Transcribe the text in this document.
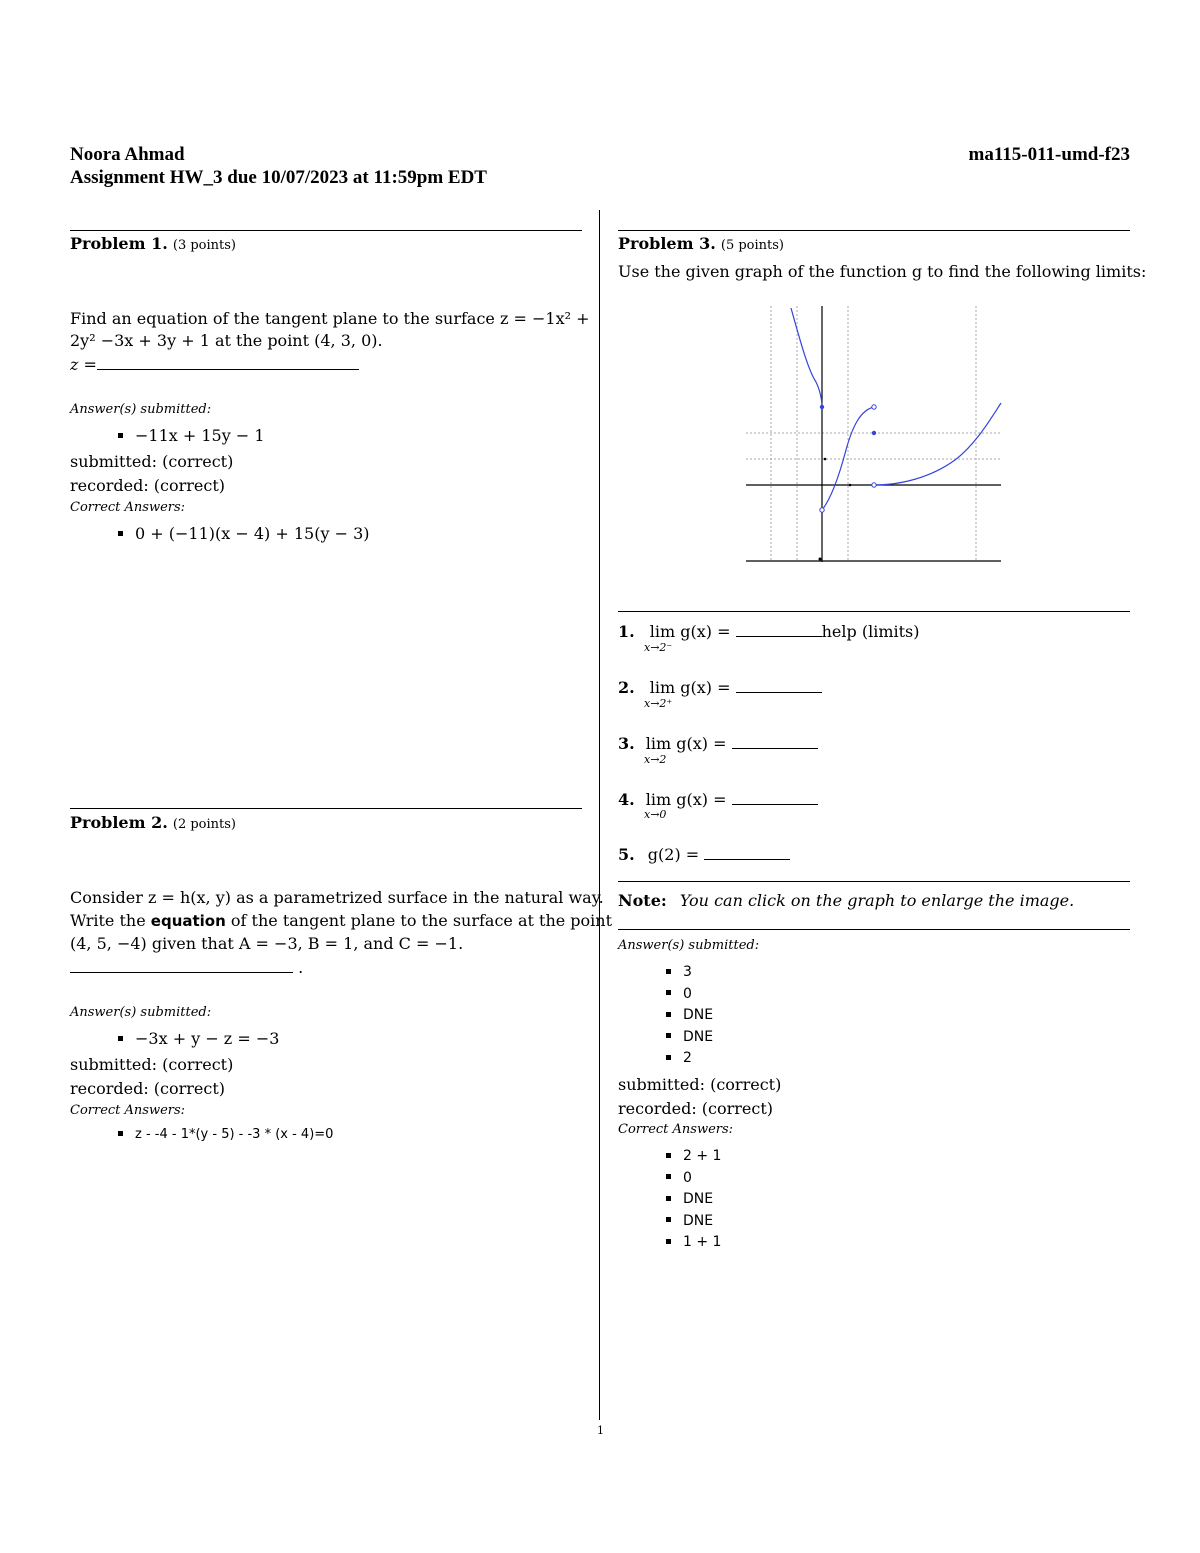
Noora Ahmad	ma115-011-umd-f23
Assignment HW_3 due 10/07/2023 at 11:59pm EDT
Problem 1. (3 points)
Find an equation of the tangent plane to the surface z = −1x² +
2y² −3x + 3y + 1 at the point (4, 3, 0).
z =
Answer(s) submitted:
−11x + 15y − 1
submitted: (correct)
recorded: (correct)
Correct Answers:
0 + (−11)(x − 4) + 15(y − 3)
Problem 2. (2 points)
Consider z = h(x, y) as a parametrized surface in the natural way.
Write the equation of the tangent plane to the surface at the point
(4, 5, −4) given that A = −3, B = 1, and C = −1.
.
Answer(s) submitted:
−3x + y − z = −3
submitted: (correct)
recorded: (correct)
Correct Answers:
z - -4 - 1*(y - 5) - -3 * (x - 4)=0
Problem 3. (5 points)
Use the given graph of the function g to find the following limits:
1. lim g(x) =	help (limits)
x→2⁻
2. lim g(x) =
x→2⁺
3. lim g(x) =
x→2
4. lim g(x) =
x→0
5. g(2) =
Note: You can click on the graph to enlarge the image.
Answer(s) submitted:
3
0
DNE
DNE
2
submitted: (correct)
recorded: (correct)
Correct Answers:
2 + 1
0
DNE
DNE
1 + 1
1
